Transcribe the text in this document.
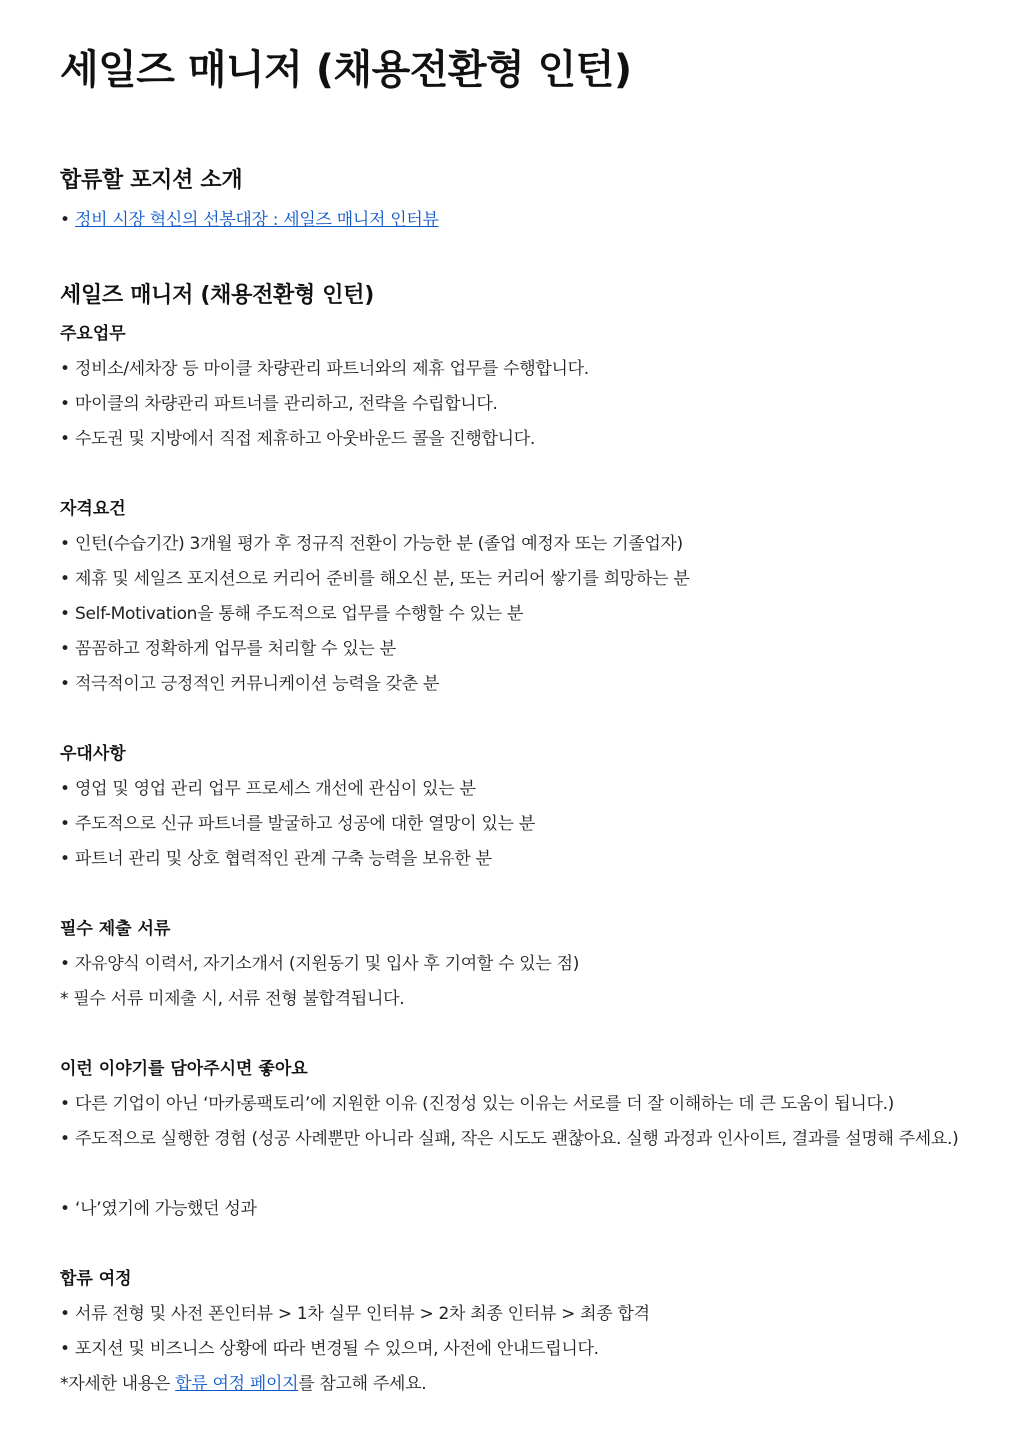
세일즈 매니저 (채용전환형 인턴)
합류할 포지션 소개

• 정비 시장 혁신의 선봉대장 : 세일즈 매니저 인터뷰

세일즈 매니저 (채용전환형 인턴)
주요업무

• 정비소/세차장 등 마이클 차량관리 파트너와의 제휴 업무를 수행합니다.

• 마이클의 차량관리 파트너를 관리하고, 전략을 수립합니다.

• 수도권 및 지방에서 직접 제휴하고 아웃바운드 콜을 진행합니다.

자격요건

• 인턴(수습기간) 3개월 평가 후 정규직 전환이 가능한 분 (졸업 예정자 또는 기졸업자)

• 제휴 및 세일즈 포지션으로 커리어 준비를 해오신 분, 또는 커리어 쌓기를 희망하는 분

• Self-Motivation을 통해 주도적으로 업무를 수행할 수 있는 분

• 꼼꼼하고 정확하게 업무를 처리할 수 있는 분

• 적극적이고 긍정적인 커뮤니케이션 능력을 갖춘 분

우대사항

• 영업 및 영업 관리 업무 프로세스 개선에 관심이 있는 분

• 주도적으로 신규 파트너를 발굴하고 성공에 대한 열망이 있는 분

• 파트너 관리 및 상호 협력적인 관계 구축 능력을 보유한 분

필수 제출 서류

• 자유양식 이력서, 자기소개서 (지원동기 및 입사 후 기여할 수 있는 점)

* 필수 서류 미제출 시, 서류 전형 불합격됩니다.

이런 이야기를 담아주시면 좋아요

• 다른 기업이 아닌 ‘마카롱팩토리’에 지원한 이유 (진정성 있는 이유는 서로를 더 잘 이해하는 데 큰 도움이 됩니다.)

• 주도적으로 실행한 경험 (성공 사례뿐만 아니라 실패, 작은 시도도 괜찮아요. 실행 과정과 인사이트, 결과를 설명해 주세요.)

• ‘나’였기에 가능했던 성과

합류 여정

• 서류 전형 및 사전 폰인터뷰 > 1차 실무 인터뷰 > 2차 최종 인터뷰 > 최종 합격

• 포지션 및 비즈니스 상황에 따라 변경될 수 있으며, 사전에 안내드립니다.

*자세한 내용은 합류 여정 페이지를 참고해 주세요.
